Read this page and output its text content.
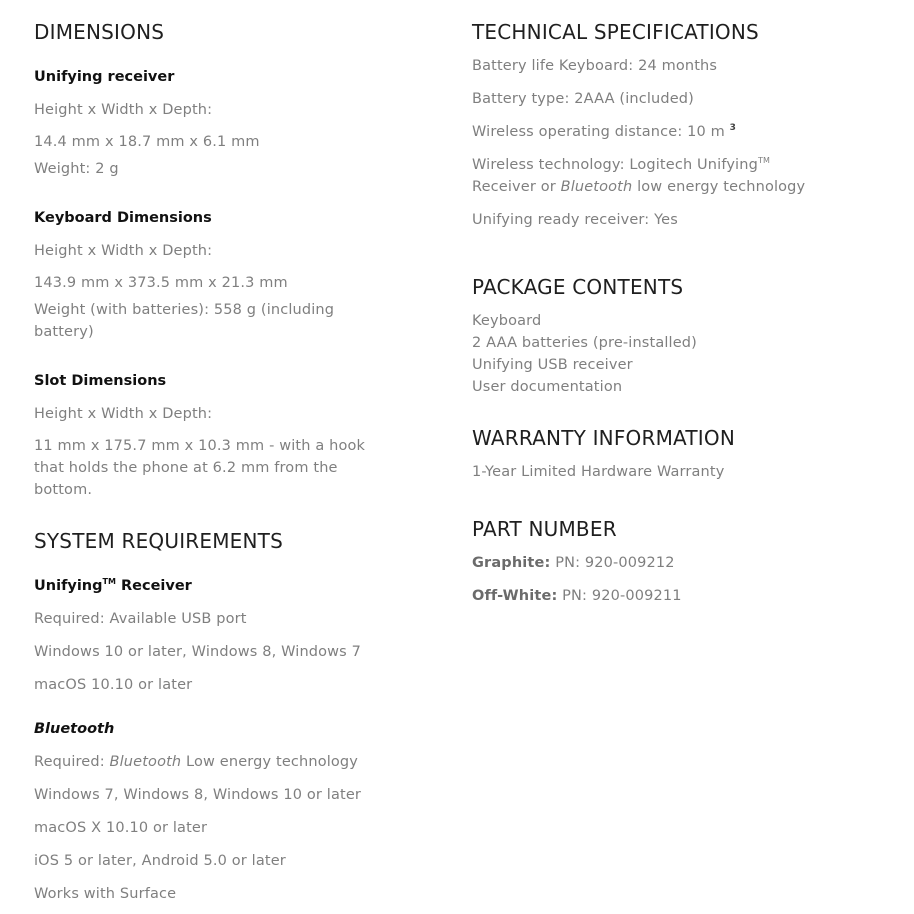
DIMENSIONS
Unifying receiver
Height x Width x Depth:
14.4 mm x 18.7 mm x 6.1 mm
Weight: 2 g
Keyboard Dimensions
Height x Width x Depth:
143.9 mm x 373.5 mm x 21.3 mm
Weight (with batteries): 558 g (including
battery)
Slot Dimensions
Height x Width x Depth:
11 mm x 175.7 mm x 10.3 mm - with a hook
that holds the phone at 6.2 mm from the
bottom.
SYSTEM REQUIREMENTS
Unifying™ Receiver
Required: Available USB port
Windows 10 or later, Windows 8, Windows 7
macOS 10.10 or later
Bluetooth
Required: Bluetooth Low energy technology
Windows 7, Windows 8, Windows 10 or later
macOS X 10.10 or later
iOS 5 or later, Android 5.0 or later
Works with Surface
TECHNICAL SPECIFICATIONS
Battery life Keyboard: 24 months
Battery type: 2AAA (included)
Wireless operating distance: 10 m $^3$
Wireless technology: Logitech Unifying™
Receiver or Bluetooth low energy technology
Unifying ready receiver: Yes
PACKAGE CONTENTS
Keyboard
2 AAA batteries (pre-installed)
Unifying USB receiver
User documentation
WARRANTY INFORMATION
1-Year Limited Hardware Warranty
PART NUMBER
Graphite: PN: 920-009212
Off-White: PN: 920-009211
